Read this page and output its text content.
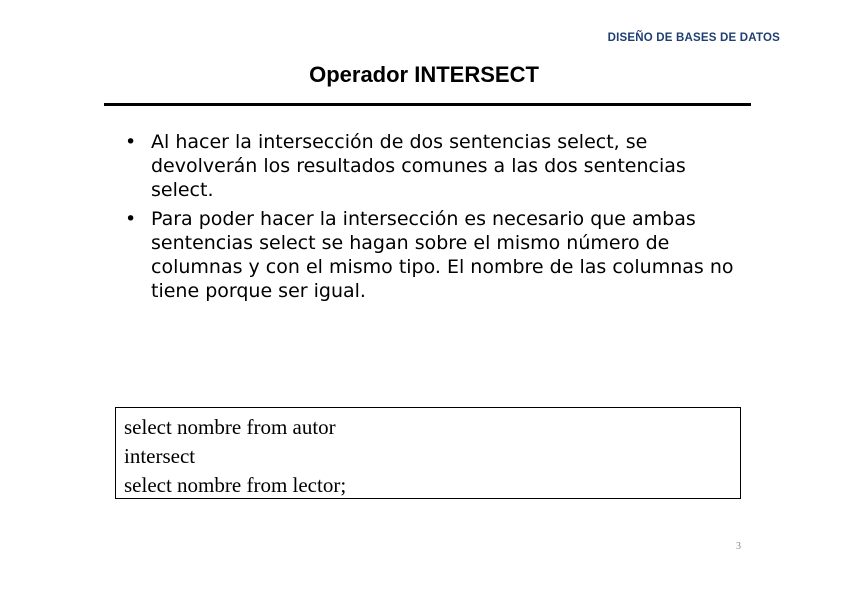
DISEÑO DE BASES DE DATOS
Operador INTERSECT
• Al hacer la intersección de dos sentencias select, se devolverán los resultados comunes a las dos sentencias select.
• Para poder hacer la intersección es necesario que ambas sentencias select se hagan sobre el mismo número de columnas y con el mismo tipo. El nombre de las columnas no tiene porque ser igual.
select nombre from autor
intersect
select nombre from lector;
3
